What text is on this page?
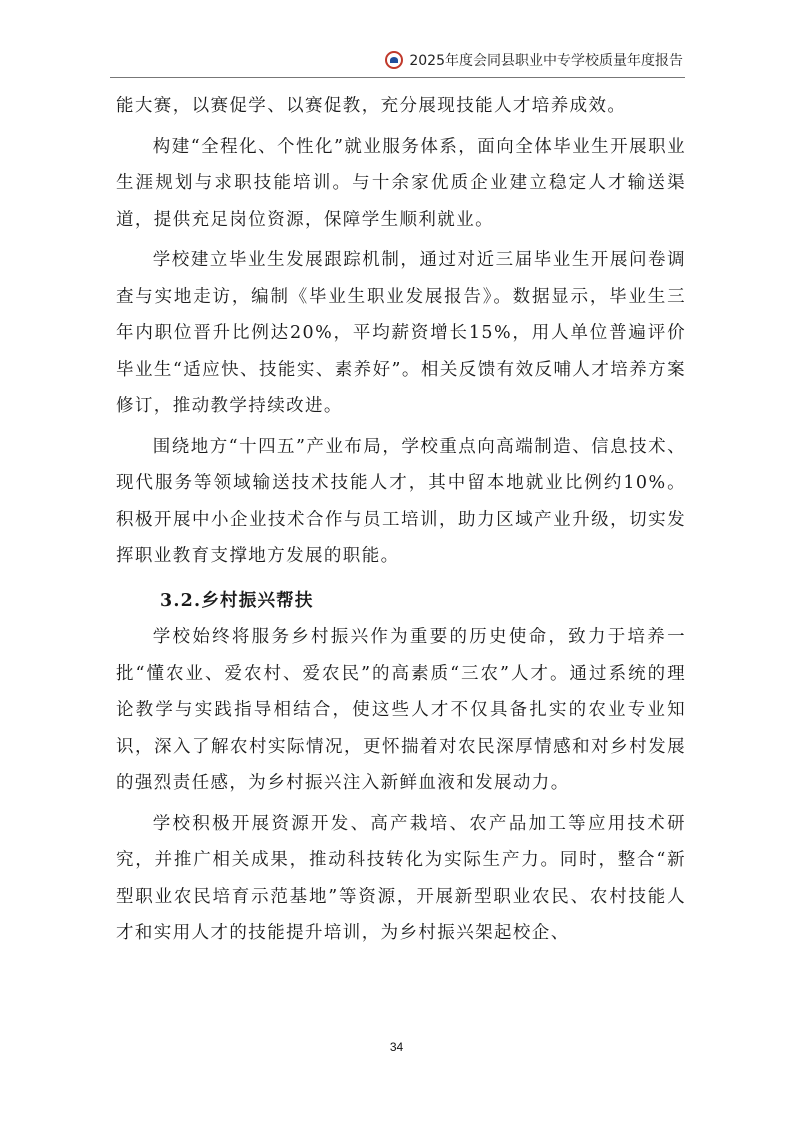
2025年度会同县职业中专学校质量年度报告

能大赛，以赛促学、以赛促教，充分展现技能人才培养成效。

构建“全程化、个性化”就业服务体系，面向全体毕业生开展职业生涯规划与求职技能培训。与十余家优质企业建立稳定人才输送渠道，提供充足岗位资源，保障学生顺利就业。

学校建立毕业生发展跟踪机制，通过对近三届毕业生开展问卷调查与实地走访，编制《毕业生职业发展报告》。数据显示，毕业生三年内职位晋升比例达20%，平均薪资增长15%，用人单位普遍评价毕业生“适应快、技能实、素养好”。相关反馈有效反哺人才培养方案修订，推动教学持续改进。

围绕地方“十四五”产业布局，学校重点向高端制造、信息技术、现代服务等领域输送技术技能人才，其中留本地就业比例约10%。积极开展中小企业技术合作与员工培训，助力区域产业升级，切实发挥职业教育支撑地方发展的职能。

3.2.乡村振兴帮扶

学校始终将服务乡村振兴作为重要的历史使命，致力于培养一批“懂农业、爱农村、爱农民”的高素质“三农”人才。通过系统的理论教学与实践指导相结合，使这些人才不仅具备扎实的农业专业知识，深入了解农村实际情况，更怀揣着对农民深厚情感和对乡村发展的强烈责任感，为乡村振兴注入新鲜血液和发展动力。

学校积极开展资源开发、高产栽培、农产品加工等应用技术研究，并推广相关成果，推动科技转化为实际生产力。同时，整合“新型职业农民培育示范基地”等资源，开展新型职业农民、农村技能人才和实用人才的技能提升培训，为乡村振兴架起校企、

34
